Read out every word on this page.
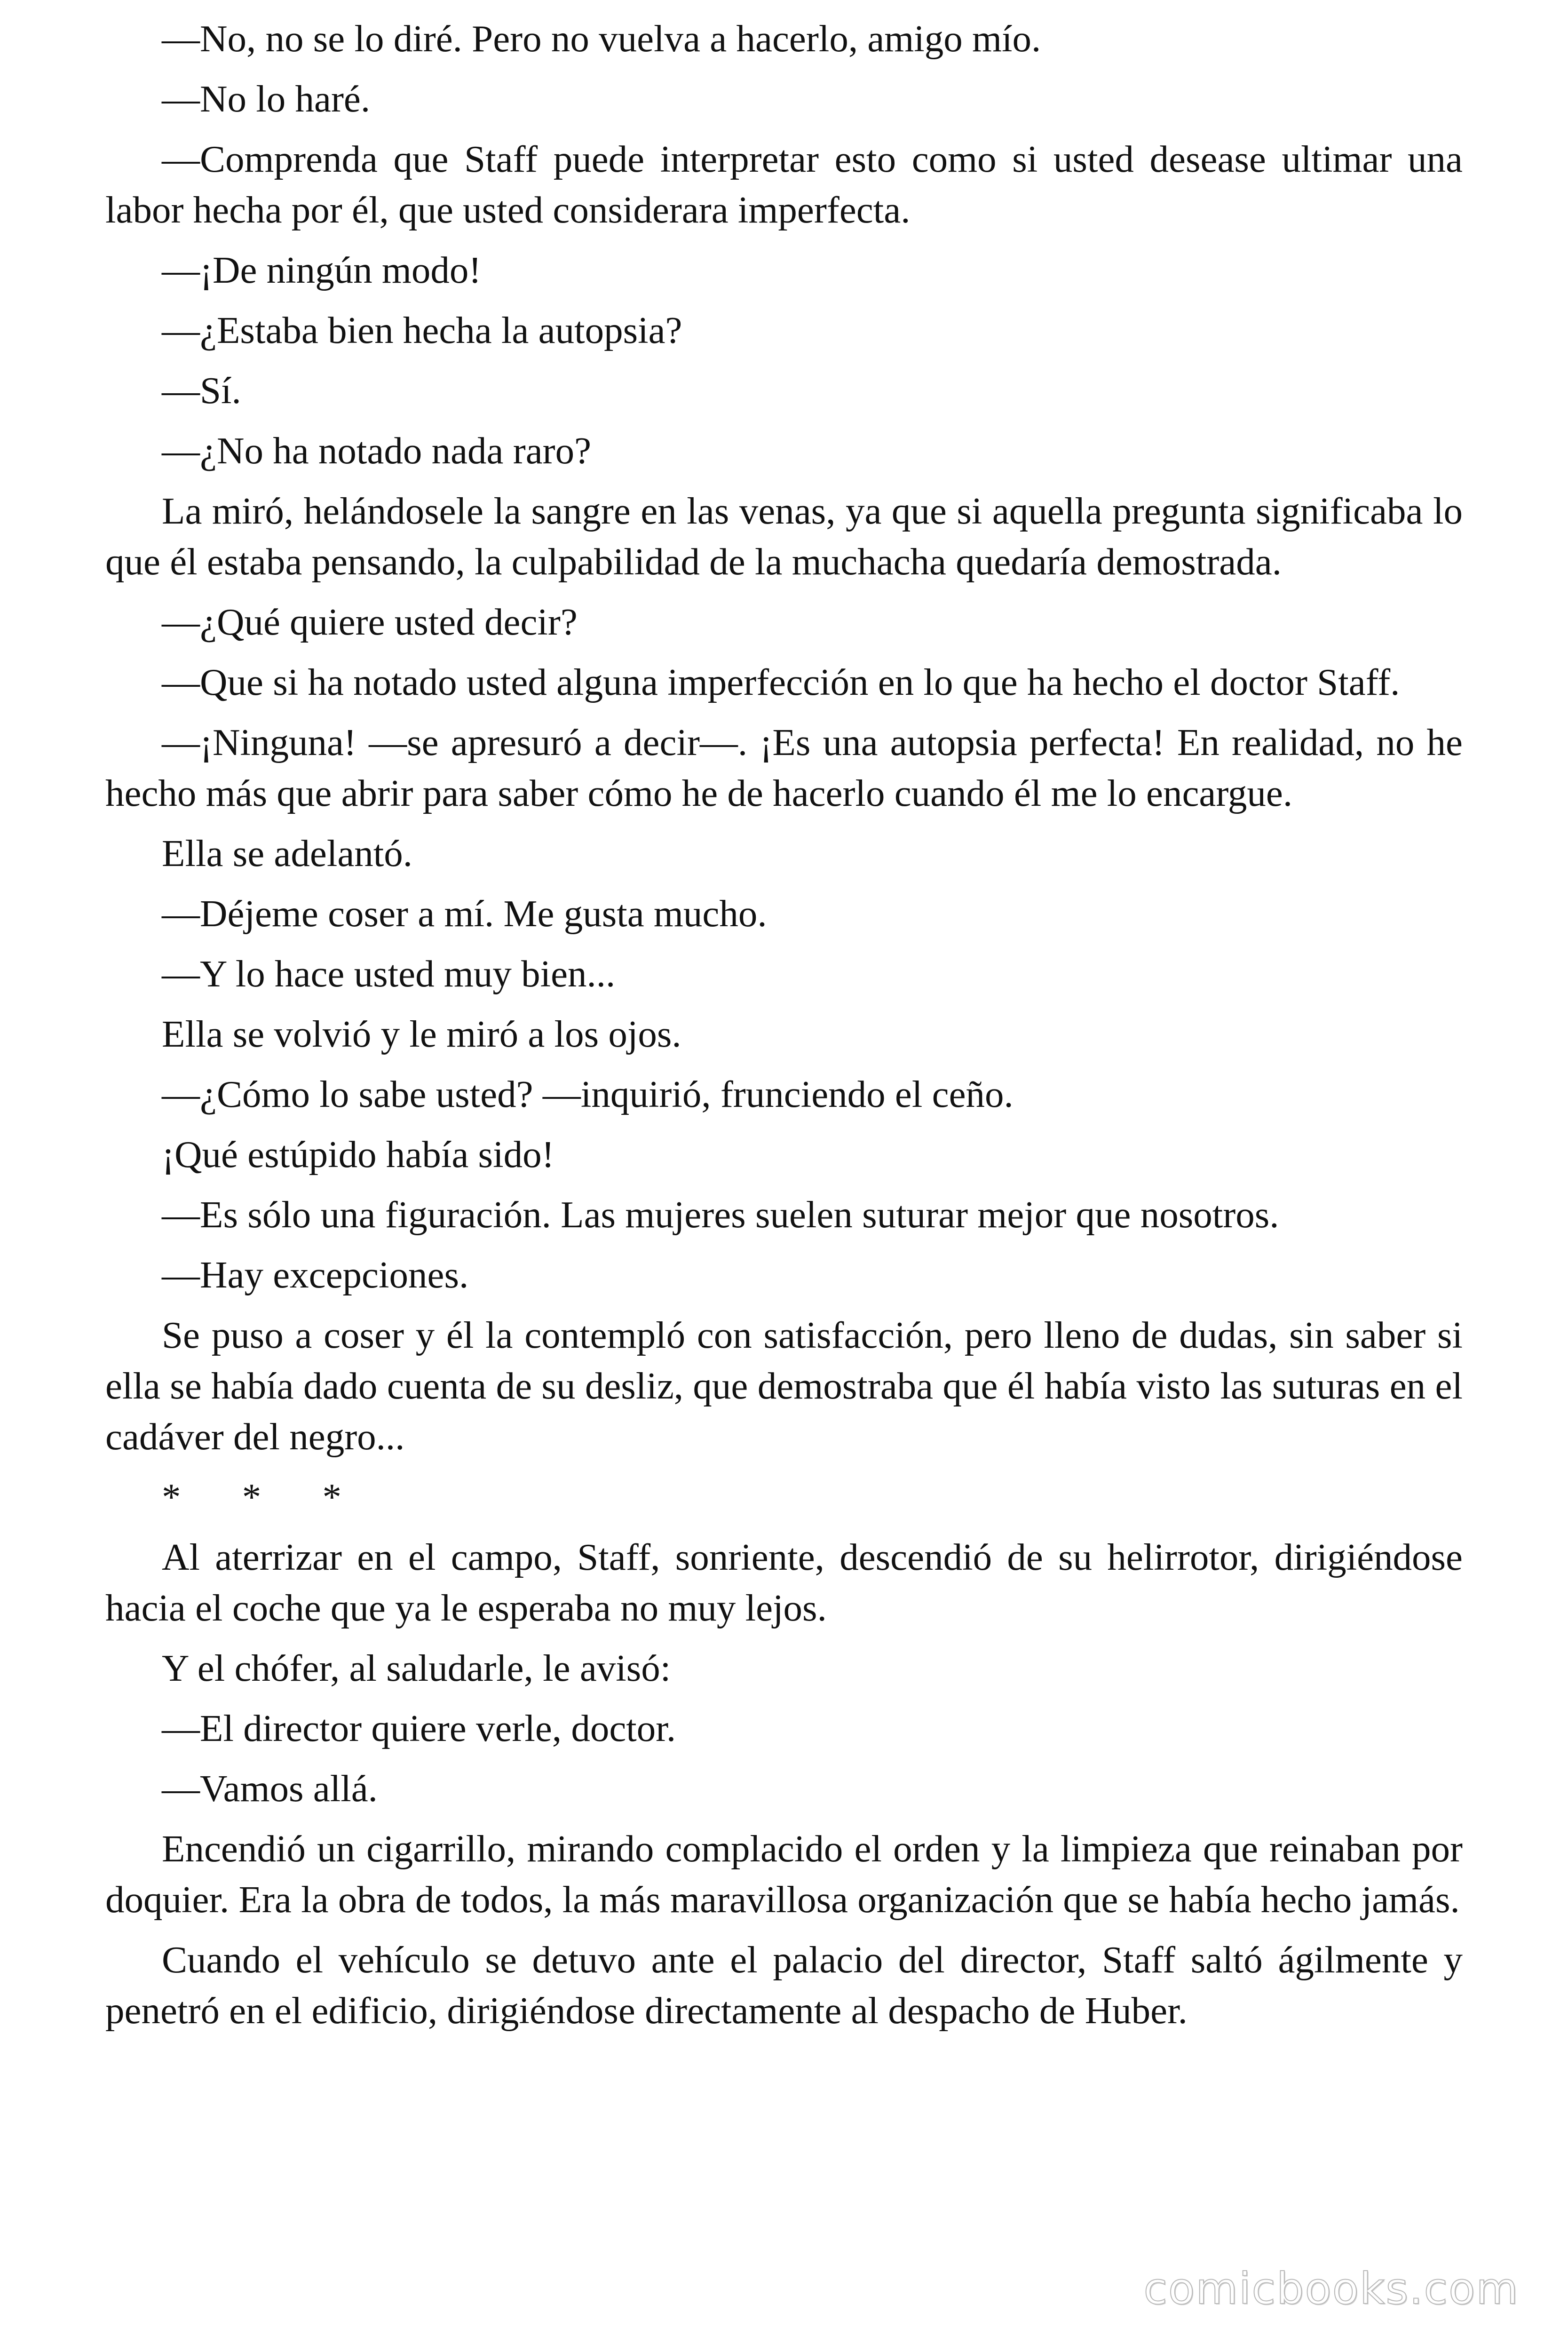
—No, no se lo diré. Pero no vuelva a hacerlo, amigo mío.

—No lo haré.

—Comprenda que Staff puede interpretar esto como si usted desease ultimar una labor hecha por él, que usted considerara imperfecta.

—¡De ningún modo!

—¿Estaba bien hecha la autopsia?

—Sí.

—¿No ha notado nada raro?

La miró, helándosele la sangre en las venas, ya que si aquella pregunta significaba lo que él estaba pensando, la culpabilidad de la muchacha quedaría demostrada.

—¿Qué quiere usted decir?

—Que si ha notado usted alguna imperfección en lo que ha hecho el doctor Staff.

—¡Ninguna! —se apresuró a decir—. ¡Es una autopsia perfecta! En realidad, no he hecho más que abrir para saber cómo he de hacerlo cuando él me lo encargue.

Ella se adelantó.

—Déjeme coser a mí. Me gusta mucho.

—Y lo hace usted muy bien...

Ella se volvió y le miró a los ojos.

—¿Cómo lo sabe usted? —inquirió, frunciendo el ceño.

¡Qué estúpido había sido!

—Es sólo una figuración. Las mujeres suelen suturar mejor que nosotros.

—Hay excepciones.

Se puso a coser y él la contempló con satisfacción, pero lleno de dudas, sin saber si ella se había dado cuenta de su desliz, que demostraba que él había visto las suturas en el cadáver del negro...

* * *

Al aterrizar en el campo, Staff, sonriente, descendió de su helirrotor, dirigiéndose hacia el coche que ya le esperaba no muy lejos.

Y el chófer, al saludarle, le avisó:

—El director quiere verle, doctor.

—Vamos allá.

Encendió un cigarrillo, mirando complacido el orden y la limpieza que reinaban por doquier. Era la obra de todos, la más maravillosa organización que se había hecho jamás.

Cuando el vehículo se detuvo ante el palacio del director, Staff saltó ágilmente y penetró en el edificio, dirigiéndose directamente al despacho de Huber.

comicbooks.com
